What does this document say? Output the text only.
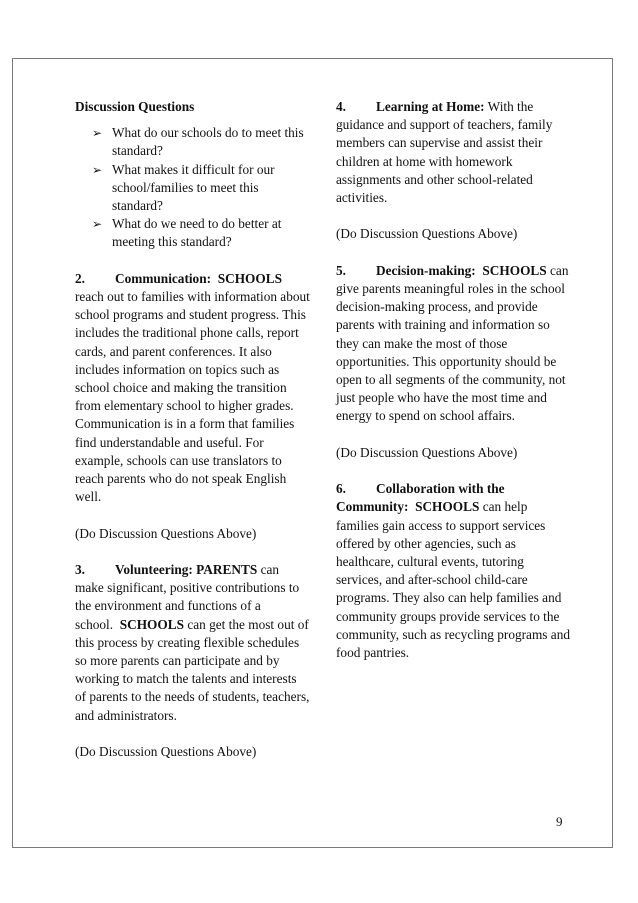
Discussion Questions

➢ What do our schools do to meet this standard?
➢ What makes it difficult for our school/families to meet this standard?
➢ What do we need to do better at meeting this standard?

2. Communication: SCHOOLS reach out to families with information about school programs and student progress. This includes the traditional phone calls, report cards, and parent conferences. It also includes information on topics such as school choice and making the transition from elementary school to higher grades. Communication is in a form that families find understandable and useful. For example, schools can use translators to reach parents who do not speak English well.

(Do Discussion Questions Above)

3. Volunteering: PARENTS can make significant, positive contributions to the environment and functions of a school. SCHOOLS can get the most out of this process by creating flexible schedules so more parents can participate and by working to match the talents and interests of parents to the needs of students, teachers, and administrators.

(Do Discussion Questions Above)

4. Learning at Home: With the guidance and support of teachers, family members can supervise and assist their children at home with homework assignments and other school-related activities.

(Do Discussion Questions Above)

5. Decision-making: SCHOOLS can give parents meaningful roles in the school decision-making process, and provide parents with training and information so they can make the most of those opportunities. This opportunity should be open to all segments of the community, not just people who have the most time and energy to spend on school affairs.

(Do Discussion Questions Above)

6. Collaboration with the Community: SCHOOLS can help families gain access to support services offered by other agencies, such as healthcare, cultural events, tutoring services, and after-school child-care programs. They also can help families and community groups provide services to the community, such as recycling programs and food pantries.

9
